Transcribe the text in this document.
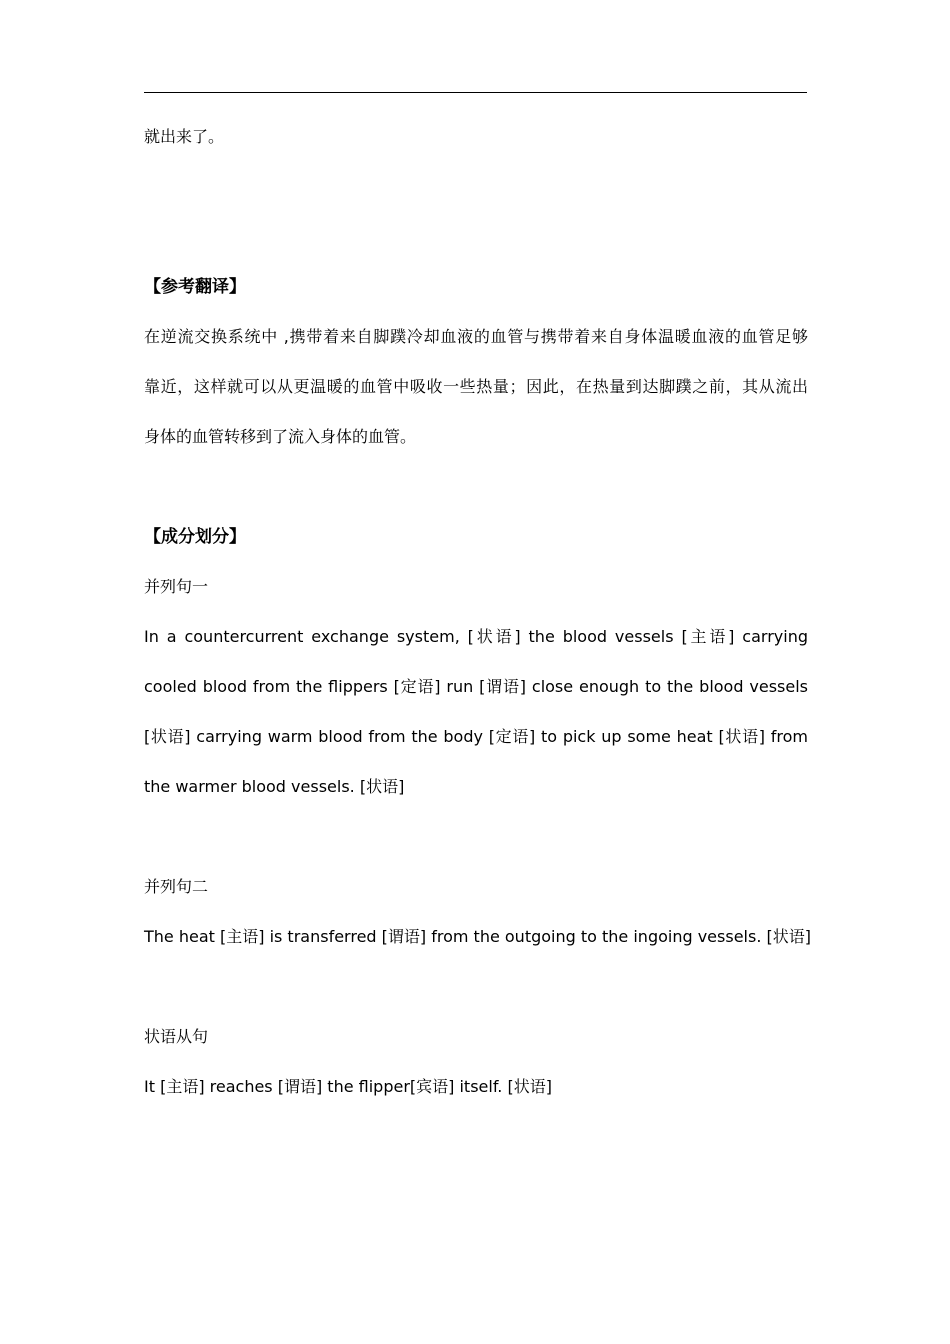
就出来了。
【参考翻译】
在逆流交换系统中 ,携带着来自脚蹼冷却血液的血管与携带着来自身体温暖血液的血管足够
靠近，这样就可以从更温暖的血管中吸收一些热量；因此，在热量到达脚蹼之前，其从流出
身体的血管转移到了流入身体的血管。
【成分划分】
并列句一
In a countercurrent exchange system, [状语] the blood vessels [主语] carrying
cooled blood from the flippers [定语] run [谓语] close enough to the blood vessels
[状语] carrying warm blood from the body [定语] to pick up some heat [状语] from
the warmer blood vessels. [状语]
并列句二
The heat [主语] is transferred [谓语] from the outgoing to the ingoing vessels. [状语]
状语从句
It [主语] reaches [谓语] the flipper[宾语] itself. [状语]
